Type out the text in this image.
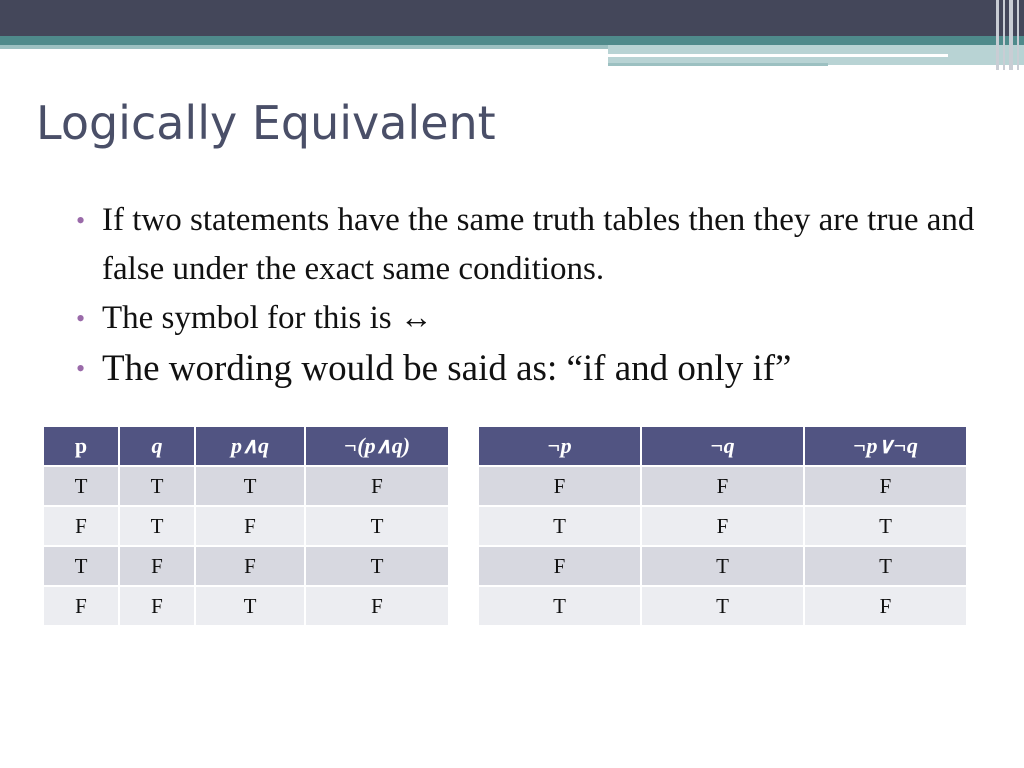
Logically Equivalent
• If two statements have the same truth tables then they are true and false under the exact same conditions.
• The symbol for this is ↔
• The wording would be said as: “if and only if”
p	q	p∧q	¬(p∧q)
T	T	T	F
F	T	F	T
T	F	F	T
F	F	T	F
¬p	¬q	¬p∨¬q
F	F	F
T	F	T
F	T	T
T	T	F
